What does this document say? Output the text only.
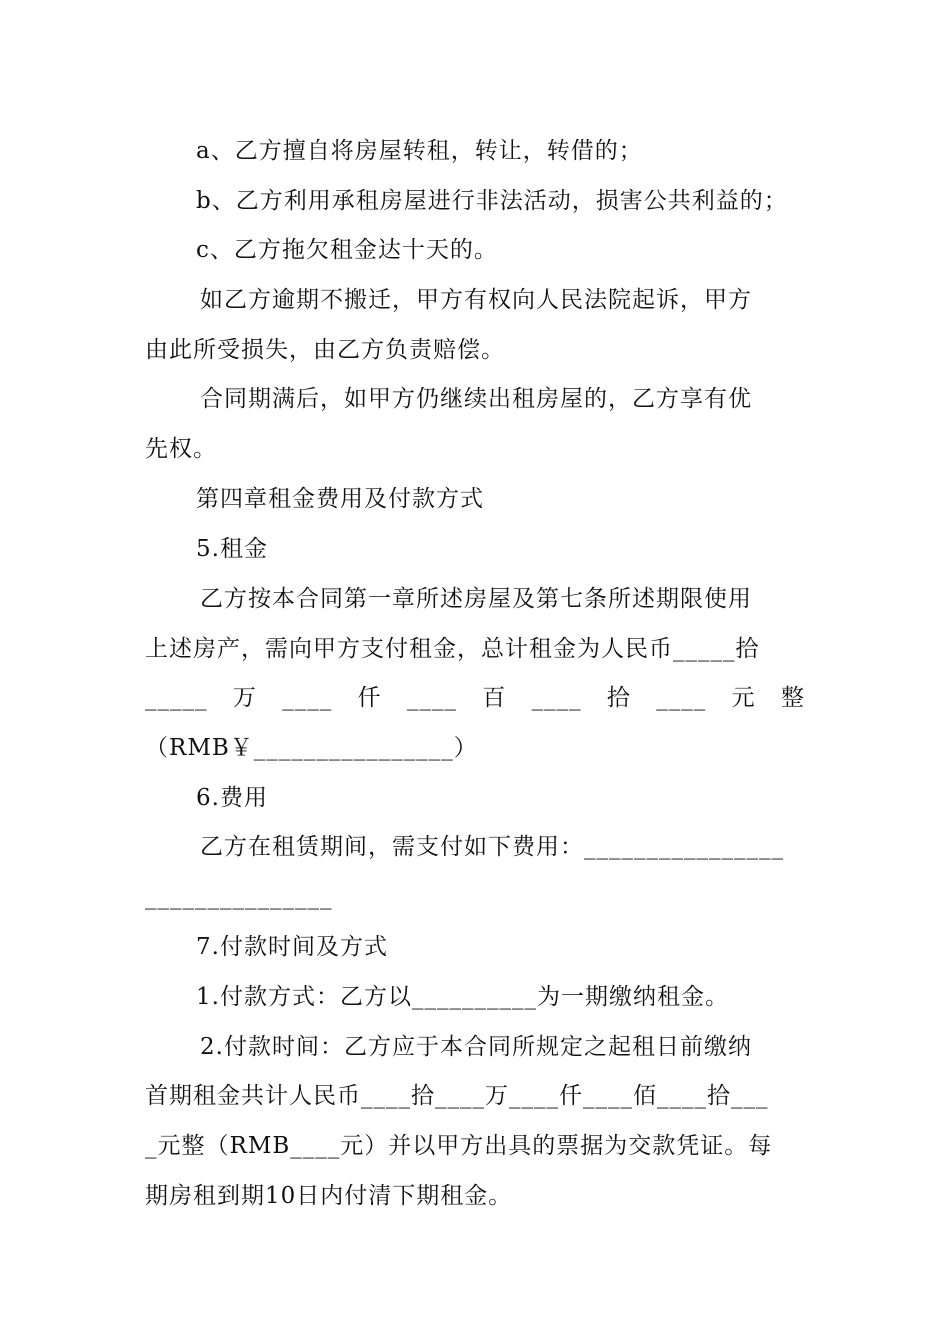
a、乙方擅自将房屋转租，转让，转借的；
b、乙方利用承租房屋进行非法活动，损害公共利益的；
c、乙方拖欠租金达十天的。
如乙方逾期不搬迁，甲方有权向人民法院起诉，甲方
由此所受损失，由乙方负责赔偿。
合同期满后，如甲方仍继续出租房屋的，乙方享有优
先权。
第四章租金费用及付款方式
5.租金
乙方按本合同第一章所述房屋及第七条所述期限使用
上述房产，需向甲方支付租金，总计租金为人民币_____拾
_____ 万 ____ 仟 ____ 百 ____ 拾 ____ 元 整
（RMB￥________________）
6.费用
乙方在租赁期间，需支付如下费用：________________
_______________
7.付款时间及方式
1.付款方式：乙方以__________为一期缴纳租金。
2.付款时间：乙方应于本合同所规定之起租日前缴纳
首期租金共计人民币____拾____万____仟____佰____拾___
_元整（RMB____元）并以甲方出具的票据为交款凭证。每
期房租到期10日内付清下期租金。
